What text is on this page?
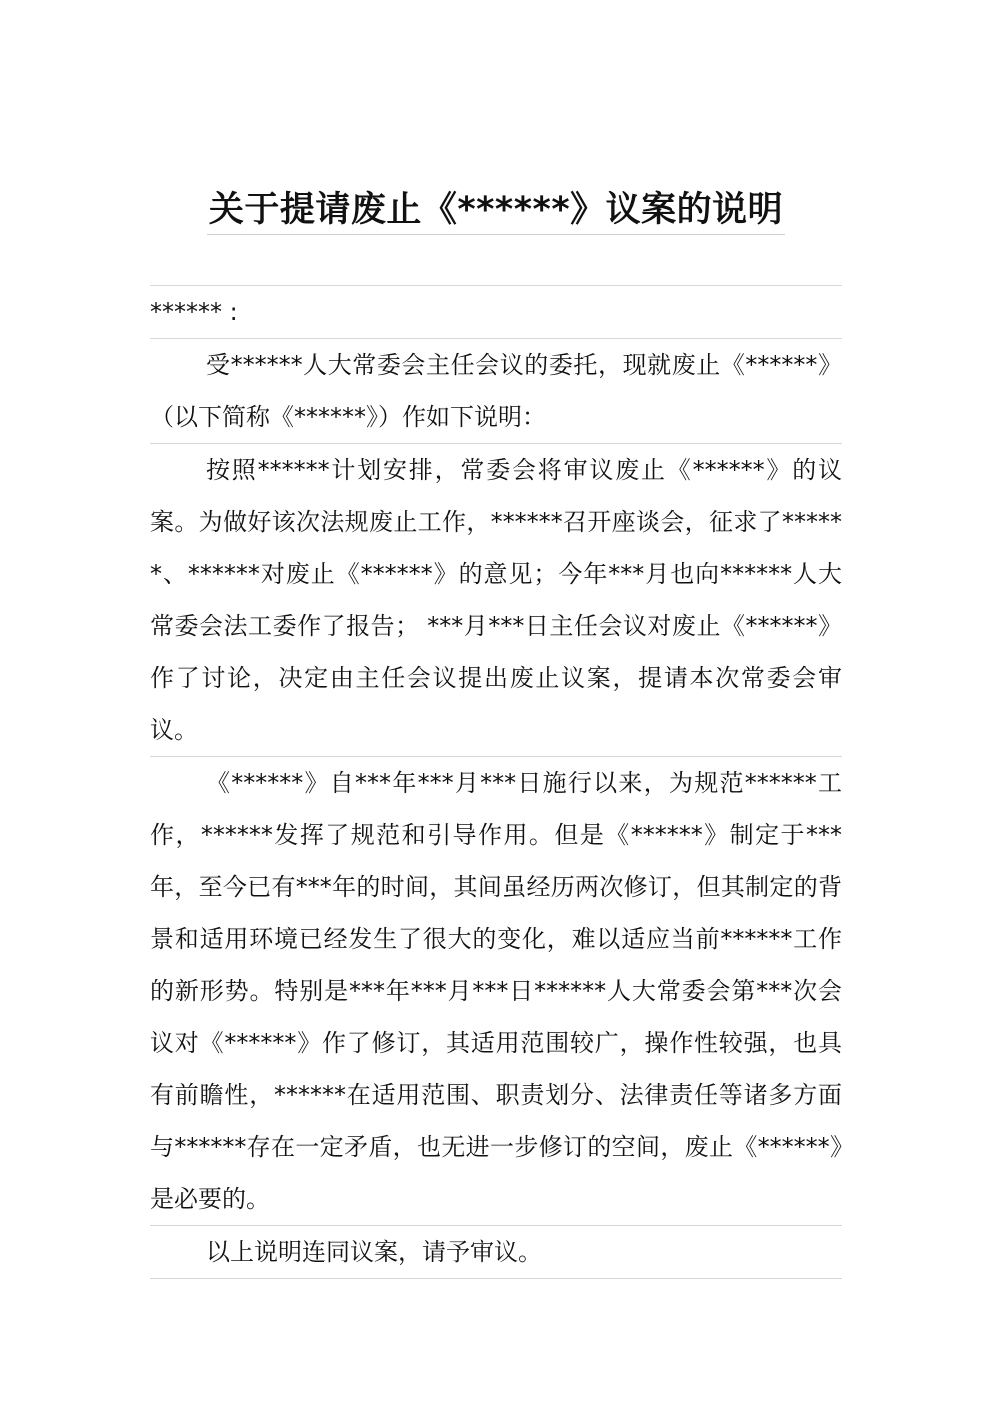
关于提请废止《******》议案的说明

****** :

受******人大常委会主任会议的委托，现就废止《******》（以下简称《******》）作如下说明：

按照******计划安排，常委会将审议废止《******》的议案。为做好该次法规废止工作，******召开座谈会，征求了******、******对废止《******》的意见；今年***月也向******人大常委会法工委作了报告； ***月***日主任会议对废止《******》作了讨论，决定由主任会议提出废止议案，提请本次常委会审议。

《******》自***年***月***日施行以来，为规范******工作，******发挥了规范和引导作用。但是《******》制定于***年，至今已有***年的时间，其间虽经历两次修订，但其制定的背景和适用环境已经发生了很大的变化，难以适应当前******工作的新形势。特别是***年***月***日******人大常委会第***次会议对《******》作了修订，其适用范围较广，操作性较强，也具有前瞻性，******在适用范围、职责划分、法律责任等诸多方面与******存在一定矛盾，也无进一步修订的空间，废止《******》是必要的。

以上说明连同议案，请予审议。
